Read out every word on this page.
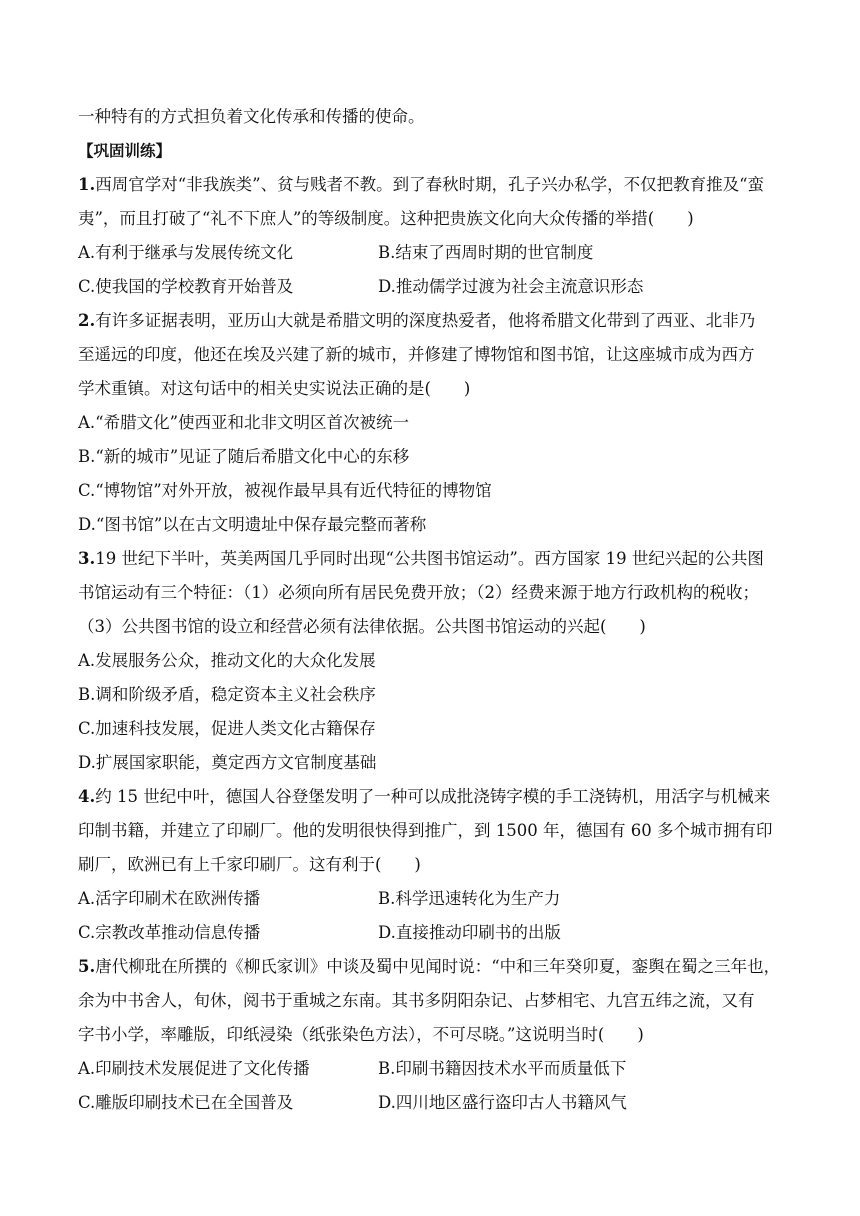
一种特有的方式担负着文化传承和传播的使命。
【巩固训练】
1.西周官学对“非我族类”、贫与贱者不教。到了春秋时期，孔子兴办私学，不仅把教育推及“蛮
夷”，而且打破了“礼不下庶人”的等级制度。这种把贵族文化向大众传播的举措(　　)
A.有利于继承与发展传统文化	B.结束了西周时期的世官制度
C.使我国的学校教育开始普及	D.推动儒学过渡为社会主流意识形态
2.有许多证据表明，亚历山大就是希腊文明的深度热爱者，他将希腊文化带到了西亚、北非乃
至遥远的印度，他还在埃及兴建了新的城市，并修建了博物馆和图书馆，让这座城市成为西方
学术重镇。对这句话中的相关史实说法正确的是(　　)
A.“希腊文化”使西亚和北非文明区首次被统一
B.“新的城市”见证了随后希腊文化中心的东移
C.“博物馆”对外开放，被视作最早具有近代特征的博物馆
D.“图书馆”以在古文明遗址中保存最完整而著称
3.19 世纪下半叶，英美两国几乎同时出现“公共图书馆运动”。西方国家 19 世纪兴起的公共图
书馆运动有三个特征：（1）必须向所有居民免费开放；（2）经费来源于地方行政机构的税收；
（3）公共图书馆的设立和经营必须有法律依据。公共图书馆运动的兴起(　　)
A.发展服务公众，推动文化的大众化发展
B.调和阶级矛盾，稳定资本主义社会秩序
C.加速科技发展，促进人类文化古籍保存
D.扩展国家职能，奠定西方文官制度基础
4.约 15 世纪中叶，德国人谷登堡发明了一种可以成批浇铸字模的手工浇铸机，用活字与机械来
印制书籍，并建立了印刷厂。他的发明很快得到推广，到 1500 年，德国有 60 多个城市拥有印
刷厂，欧洲已有上千家印刷厂。这有利于(　　)
A.活字印刷术在欧洲传播	B.科学迅速转化为生产力
C.宗教改革推动信息传播	D.直接推动印刷书的出版
5.唐代柳玭在所撰的《柳氏家训》中谈及蜀中见闻时说：“中和三年癸卯夏，銮舆在蜀之三年也，
余为中书舍人，旬休，阅书于重城之东南。其书多阴阳杂记、占梦相宅、九宫五纬之流，又有
字书小学，率雕版，印纸浸染（纸张染色方法），不可尽晓。”这说明当时(　　)
A.印刷技术发展促进了文化传播	B.印刷书籍因技术水平而质量低下
C.雕版印刷技术已在全国普及	D.四川地区盛行盗印古人书籍风气
